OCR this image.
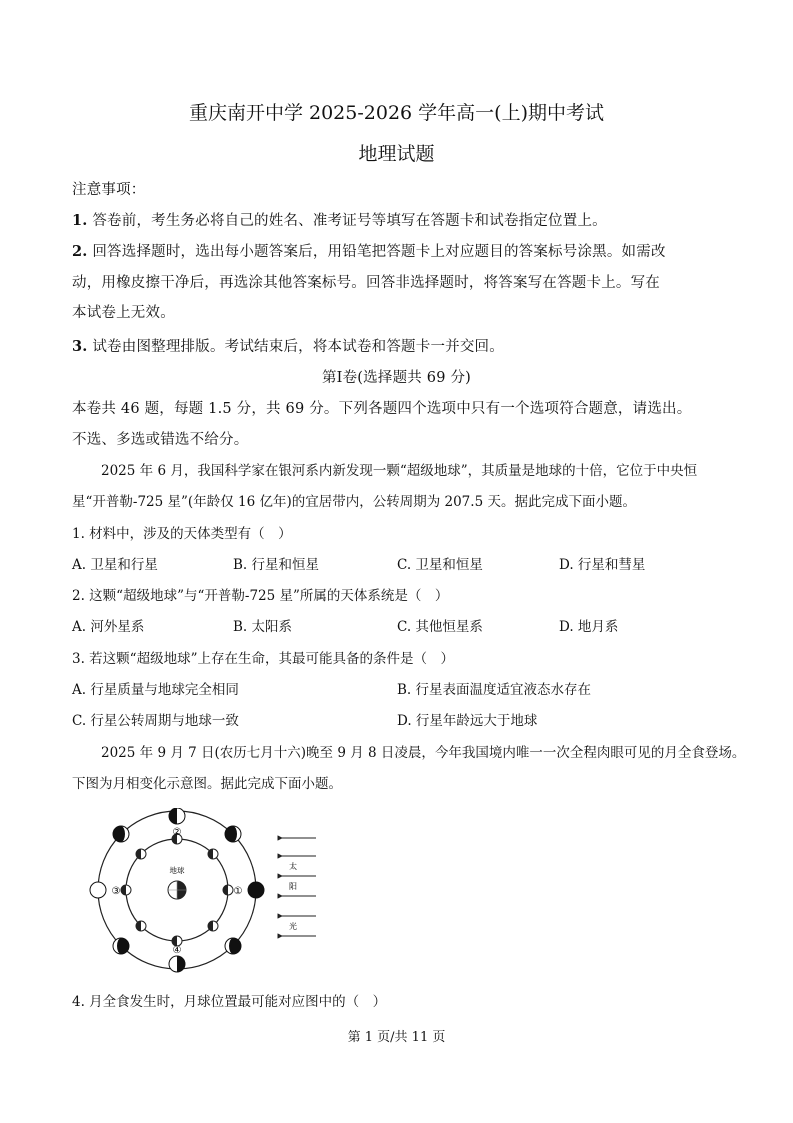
重庆南开中学 2025-2026 学年高一(上)期中考试
地理试题
注意事项：
1. 答卷前，考生务必将自己的姓名、准考证号等填写在答题卡和试卷指定位置上。
2. 回答选择题时，选出每小题答案后，用铅笔把答题卡上对应题目的答案标号涂黑。如需改
动，用橡皮擦干净后，再选涂其他答案标号。回答非选择题时，将答案写在答题卡上。写在
本试卷上无效。
3. 试卷由图整理排版。考试结束后，将本试卷和答题卡一并交回。
第Ⅰ卷(选择题共 69 分)
本卷共 46 题，每题 1.5 分，共 69 分。下列各题四个选项中只有一个选项符合题意，请选出。
不选、多选或错选不给分。
2025 年 6 月，我国科学家在银河系内新发现一颗“超级地球”，其质量是地球的十倍，它位于中央恒
星“开普勒-725 星”(年龄仅 16 亿年)的宜居带内，公转周期为 207.5 天。据此完成下面小题。
1. 材料中，涉及的天体类型有（　）
A. 卫星和行星	B. 行星和恒星	C. 卫星和恒星	D. 行星和彗星
2. 这颗“超级地球”与“开普勒-725 星”所属的天体系统是（　）
A. 河外星系	B. 太阳系	C. 其他恒星系	D. 地月系
3. 若这颗“超级地球”上存在生命，其最可能具备的条件是（　）
A. 行星质量与地球完全相同	B. 行星表面温度适宜液态水存在
C. 行星公转周期与地球一致	D. 行星年龄远大于地球
2025 年 9 月 7 日(农历七月十六)晚至 9 月 8 日凌晨，今年我国境内唯一一次全程肉眼可见的月全食登场。
下图为月相变化示意图。据此完成下面小题。
地球
①
②
③
④
太
阳
光
4. 月全食发生时，月球位置最可能对应图中的（　）
第 1 页/共 11 页
